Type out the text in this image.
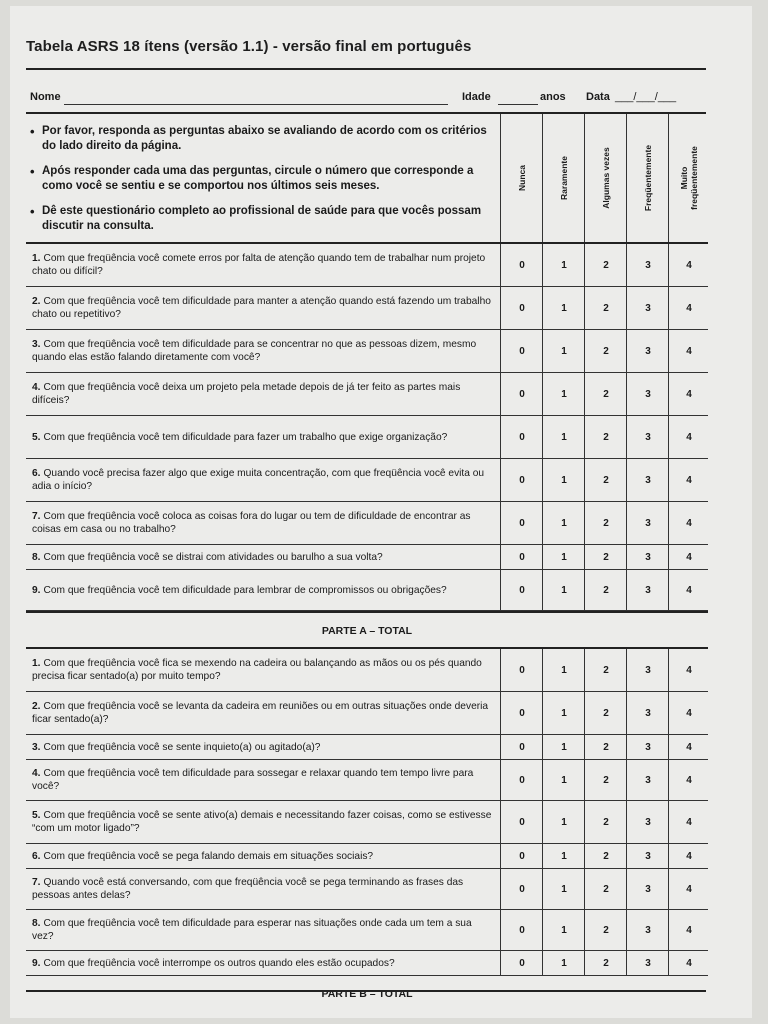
Tabela ASRS 18 ítens (versão 1.1) - versão final em português
Nome	Idade	anos Data ___/___/___
• Por favor, responda as perguntas abaixo se avaliando de acordo com os critérios do lado direito da página.
• Após responder cada uma das perguntas, circule o número que corresponde a como você se sentiu e se comportou nos últimos seis meses.
• Dê este questionário completo ao profissional de saúde para que vocês possam discutir na consulta.
Nunca	Raramente	Algumas vezes	Freqüentemente	Muito freqüentemente
1. Com que freqüência você comete erros por falta de atenção quando tem de trabalhar num projeto chato ou difícil?
0	1	2	3	4
2. Com que freqüência você tem dificuldade para manter a atenção quando está fazendo um trabalho chato ou repetitivo?
0	1	2	3	4
3. Com que freqüência você tem dificuldade para se concentrar no que as pessoas dizem, mesmo quando elas estão falando diretamente com você?
0	1	2	3	4
4. Com que freqüência você deixa um projeto pela metade depois de já ter feito as partes mais difíceis?
0	1	2	3	4
5. Com que freqüência você tem dificuldade para fazer um trabalho que exige organização?	0	1	2	3	4
6. Quando você precisa fazer algo que exige muita concentração, com que freqüência você evita ou adia o início?
0	1	2	3	4
7. Com que freqüência você coloca as coisas fora do lugar ou tem de dificuldade de encontrar as coisas em casa ou no trabalho?
0	1	2	3	4
8. Com que freqüência você se distrai com atividades ou barulho a sua volta?	0	1	2	3	4
9. Com que freqüência você tem dificuldade para lembrar de compromissos ou obrigações?	0	1	2	3	4
PARTE A – TOTAL
1. Com que freqüência você fica se mexendo na cadeira ou balançando as mãos ou os pés quando precisa ficar sentado(a) por muito tempo?
0	1	2	3	4
2. Com que freqüência você se levanta da cadeira em reuniões ou em outras situações onde deveria ficar sentado(a)?
0	1	2	3	4
3. Com que freqüência você se sente inquieto(a) ou agitado(a)?	0	1	2	3	4
4. Com que freqüência você tem dificuldade para sossegar e relaxar quando tem tempo livre para você?
0	1	2	3	4
5. Com que freqüência você se sente ativo(a) demais e necessitando fazer coisas, como se estivesse “com um motor ligado”?
0	1	2	3	4
6. Com que freqüência você se pega falando demais em situações sociais?	0	1	2	3	4
7. Quando você está conversando, com que freqüência você se pega terminando as frases das pessoas antes delas?
0	1	2	3	4
8. Com que freqüência você tem dificuldade para esperar nas situações onde cada um tem a sua vez?
0	1	2	3	4
9. Com que freqüência você interrompe os outros quando eles estão ocupados?	0	1	2	3	4
PARTE B – TOTAL
